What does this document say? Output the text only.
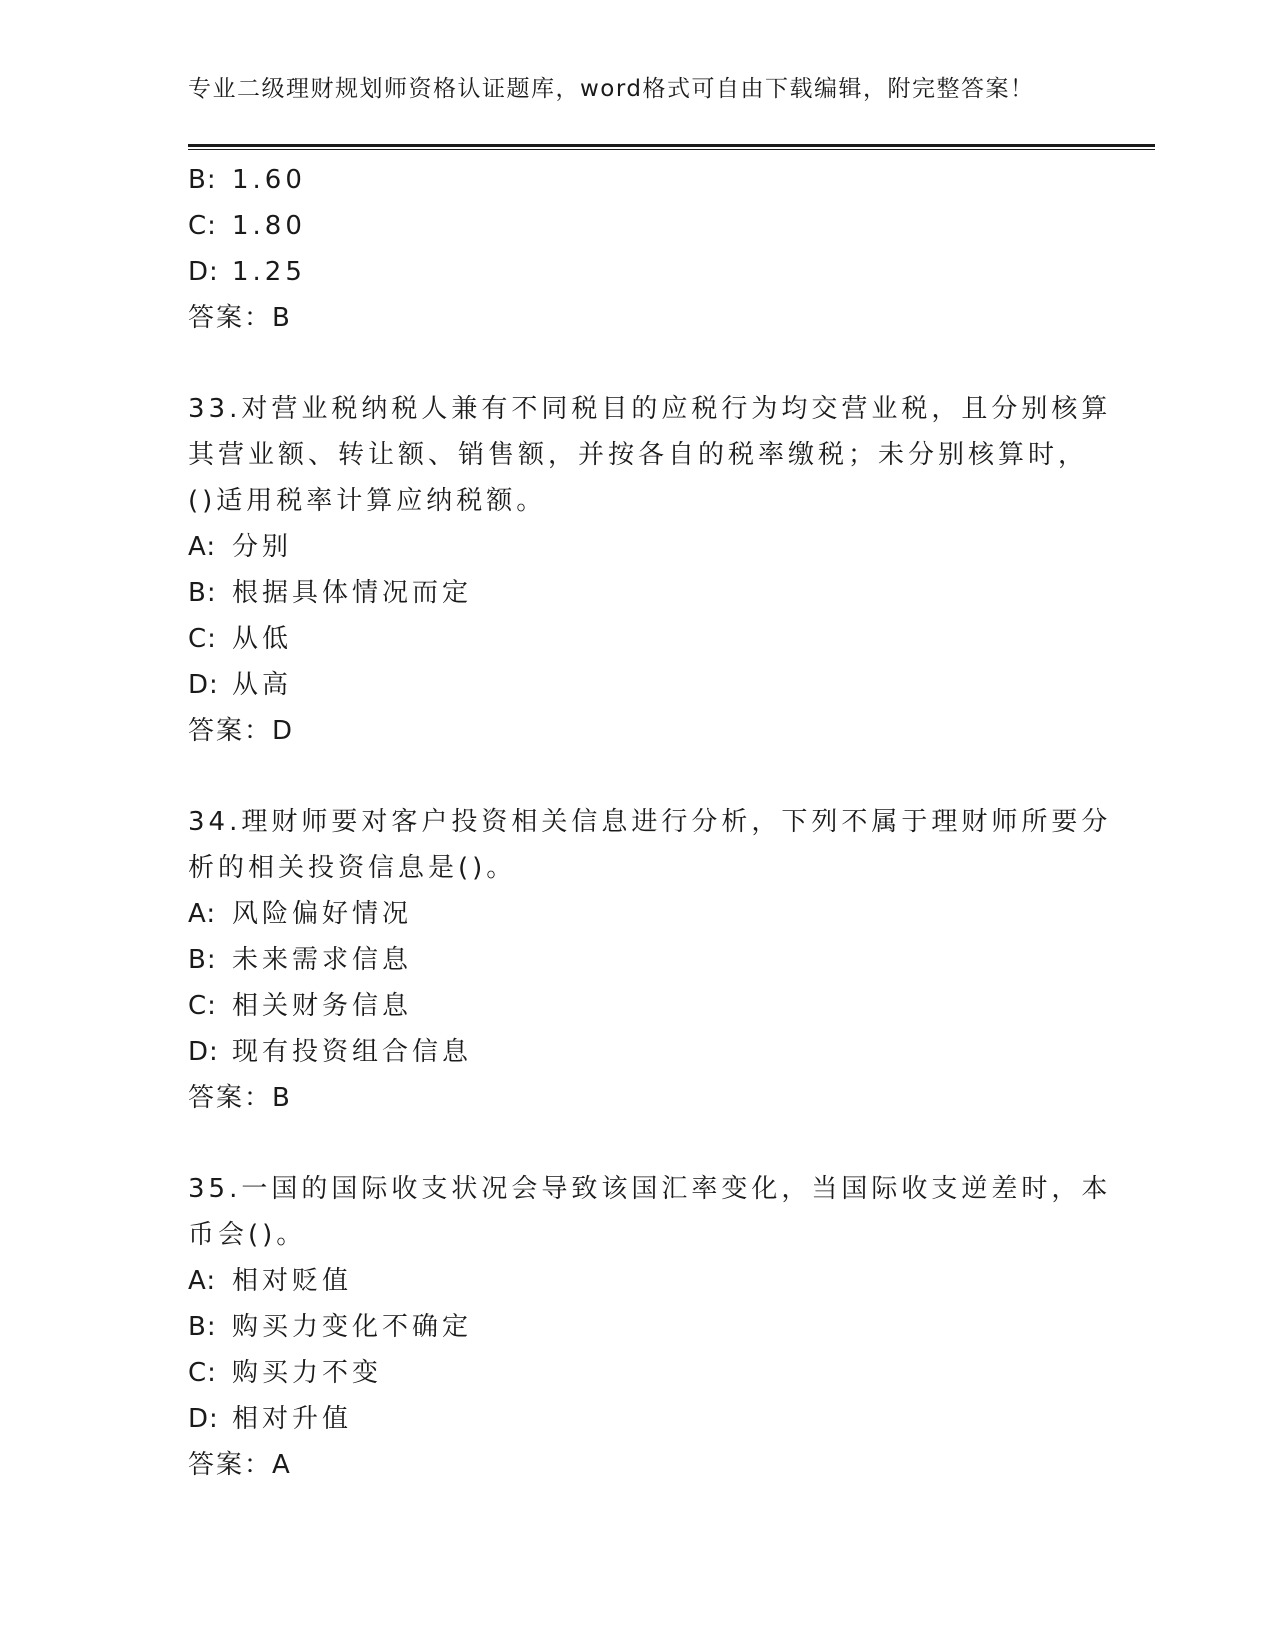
专业二级理财规划师资格认证题库，word格式可自由下载编辑，附完整答案！
B: 1.60
C: 1.80
D: 1.25
答案：B
33.对营业税纳税人兼有不同税目的应税行为均交营业税，且分别核算
其营业额、转让额、销售额，并按各自的税率缴税；未分别核算时，
()适用税率计算应纳税额。
A: 分别
B: 根据具体情况而定
C: 从低
D: 从高
答案：D
34.理财师要对客户投资相关信息进行分析，下列不属于理财师所要分
析的相关投资信息是()。
A: 风险偏好情况
B: 未来需求信息
C: 相关财务信息
D: 现有投资组合信息
答案：B
35.一国的国际收支状况会导致该国汇率变化，当国际收支逆差时，本
币会()。
A: 相对贬值
B: 购买力变化不确定
C: 购买力不变
D: 相对升值
答案：A
